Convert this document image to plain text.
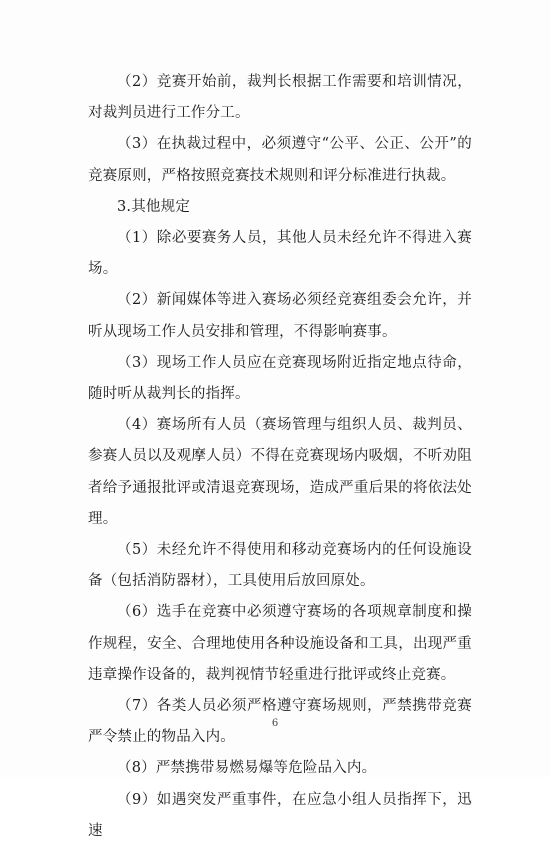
（2）竞赛开始前，裁判长根据工作需要和培训情况，对裁判员进行工作分工。

（3）在执裁过程中，必须遵守“公平、公正、公开”的竞赛原则，严格按照竞赛技术规则和评分标准进行执裁。

3.其他规定

（1）除必要赛务人员，其他人员未经允许不得进入赛场。

（2）新闻媒体等进入赛场必须经竞赛组委会允许，并听从现场工作人员安排和管理，不得影响赛事。

（3）现场工作人员应在竞赛现场附近指定地点待命，随时听从裁判长的指挥。

（4）赛场所有人员（赛场管理与组织人员、裁判员、参赛人员以及观摩人员）不得在竞赛现场内吸烟，不听劝阻者给予通报批评或清退竞赛现场，造成严重后果的将依法处理。

（5）未经允许不得使用和移动竞赛场内的任何设施设备（包括消防器材），工具使用后放回原处。

（6）选手在竞赛中必须遵守赛场的各项规章制度和操作规程，安全、合理地使用各种设施设备和工具，出现严重违章操作设备的，裁判视情节轻重进行批评或终止竞赛。

（7）各类人员必须严格遵守赛场规则，严禁携带竞赛严令禁止的物品入内。

（8）严禁携带易燃易爆等危险品入内。

（9）如遇突发严重事件，在应急小组人员指挥下，迅速

6
